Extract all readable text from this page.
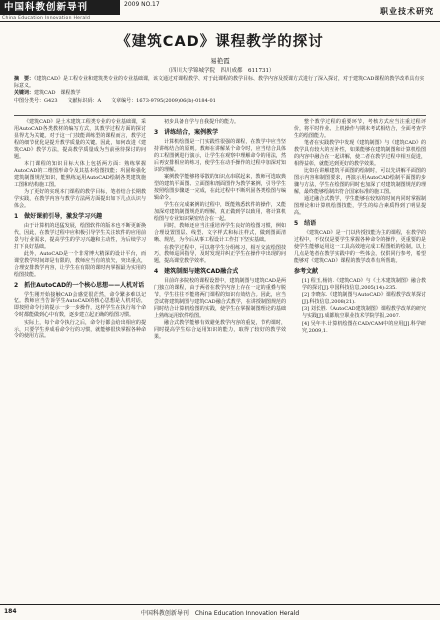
中国科教创新导刊	2009 NO.17
China Education Innovation Herald
职业技术研究
《建筑CAD》课程教学的探讨
易艳霞
（四川大学锦城学院　四川成都　611731）
摘　要：《建筑CAD》是工程专业和建筑类专业的专业基础课，该文通过对课程教学、对于此课程的教学目标、教学内容及授课方式进行了深入探讨，对于建筑CAD课程的教学改革具有实际意义。
关键词：建筑CAD　课程教学
中图分类号：G423　　文献标识码：A　　文章编号：1673-9795(2009)06(b)-0184-01

《建筑CAD》是土木建筑工程类专业的专业基础课，采用AutoCAD各类教材的编写方式，其教学过程方面的探讨显得尤为关键。对于这一门技能训练型的课程而言，教学过程的细节优化是提升教学质量的关键。因此，如何改进《建筑CAD》教学方法，提高教学质量成为当前亟待探讨的问题。

本门课程的知识目标大体上包括两方面：熟练掌握AutoCAD的二维图形命令及其基本绘图技能；巩固和强化建筑制图规范知识，能熟练运用AutoCAD绘制各类建筑施工图和结构施工图。

为了更好的实现本门课程的教学目标，笔者结合长期教学实践，在教学内容与教学方法两方面提出如下几点认识与体会。

1　做好课前引导，激发学习兴趣

由于计算机的迅猛发展，绘图软件的版本也不断更新换代，因此，在教学过程中应积极引导学生关注软件的应用前景与行业需求，提高学生的学习兴趣和主动性，为后续学习打下良好基础。

此外，AutoCAD是一个非常博大精深的设计平台，而课堂教学时间却是有限的，教师应当有的放矢，突出重点，合理安排教学内容，让学生在有限的课时内掌握最为实用的绘图技能。

2　抓住AutoCAD的一个核心思想——人机对话

学生刚开始接触CAD会感觉很茫然，命令繁多难以记忆。教师应当告诉学生AutoCAD的核心思想是人机对话，即按照命令行的提示一步一步操作，这样学生在执行每个命令时都能做到心中有数，逐步建立起正确的绘图习惯。

实际上，每个命令执行之后，命令行都会给出相应的提示，只要学生养成看命令行的习惯，就能够很快掌握各种命令的使用方法。

初步具备自学与自我提升的能力。

3　讲练结合，案例教学

计算机绘图是一门实践性很强的课程，在教学中应当坚持讲练结合的原则。教师在讲解某个命令时，应当结合具体的工程图例进行演示，让学生在观察中理解命令的用法，然后再安排相应的练习，使学生在动手操作的过程中加深对知识的理解。

案例教学能够将零散的知识点串联起来，教师可选取典型的建筑平面图、立面图和剖面图作为教学案例，引导学生按照绘图步骤逐一完成，在此过程中不断巩固各类绘图与编辑命令。

学生在完成案例的过程中，既能熟悉软件的操作，又能加深对建筑制图规范的理解，真正做到学以致用，将计算机绘图与专业知识紧密结合在一起。

同时，教师还应当注重培养学生良好的绘图习惯，例如合理设置图层、线型、文字样式和标注样式，做到图面清晰、规范，为今后从事工程设计工作打下坚实基础。

在教学过程中，可以将学生分组练习，相互交流绘图技巧，教师巡回指导，及时发现并纠正学生在操作中出现的问题，提高课堂教学效率。

4　建筑制图与建筑CAD融合式

目前许多院校的课程设置中，建筑制图与建筑CAD是两门独立的课程，由于两者在教学内容上存在一定的重叠与脱节，学生往往不能将两门课程的知识有效结合。因此，应当尝试将建筑制图与建筑CAD融合式教学，在讲授制图规范的同时结合计算机绘图的实践，使学生在掌握制图理论的基础上熟练运用软件绘图。

融合式教学能够有效避免教学内容的重复，节约课时，同时提高学生综合运用知识的能力，取得了较好的教学效果。

整个教学过程的重要环节，考核方式应当注重过程评价，将平时作业、上机操作与期末考试相结合，全面考查学生的绘图能力。

笔者在实践教学中发现《建筑制图》与《建筑CAD》的教学具有较大的互补性，如果能够在建筑制图和计算机绘图的内容中融合在一起讲解，使二者在教学过程中相互促进，相得益彰，就能达到更好的教学效果。

比如在讲解建筑平面图的绘制时，可以先讲解平面图的图示内容和制图要求，再演示用AutoCAD绘制平面图的步骤与方法，学生在绘图的同时也加深了对建筑制图规范的理解，最终能够绘制出符合国家标准的施工图。

通过融合式教学，学生能够在较短的时间内同时掌握制图理论和计算机绘图技能，学生的综合素质得到了明显提高。

5　结语

《建筑CAD》是一门以传授技能为主的课程，在教学的过程中，不仅仅是要学生掌握各种命令的操作，更重要的是使学生能够运用这一工具高效地完成工程图纸的绘制。以上几点是笔者在教学实践中的一些体会，仅供同行参考，希望能够对《建筑CAD》课程的教学改革有所帮助。

参考文献

[1] 程玉,杨钧.《建筑CAD》与《土木建筑制图》融合教学的探讨[J].中国科技信息,2005(14):235.

[2] 李晓东.《建筑制图与AutoCAD》课程教学改革探讨[J].科技信息,2008(21).

[3] 刘长胜.《AutoCAD建筑制图》课程教学改革的研究与实践[J].成都航空职业技术学院学报,2007.

[4] 吴年丰.计算机绘图在CAD/CAM中的应用[J].科学研究,2009,1.

184	中国科教创新导刊　China Education Innovation Herald
